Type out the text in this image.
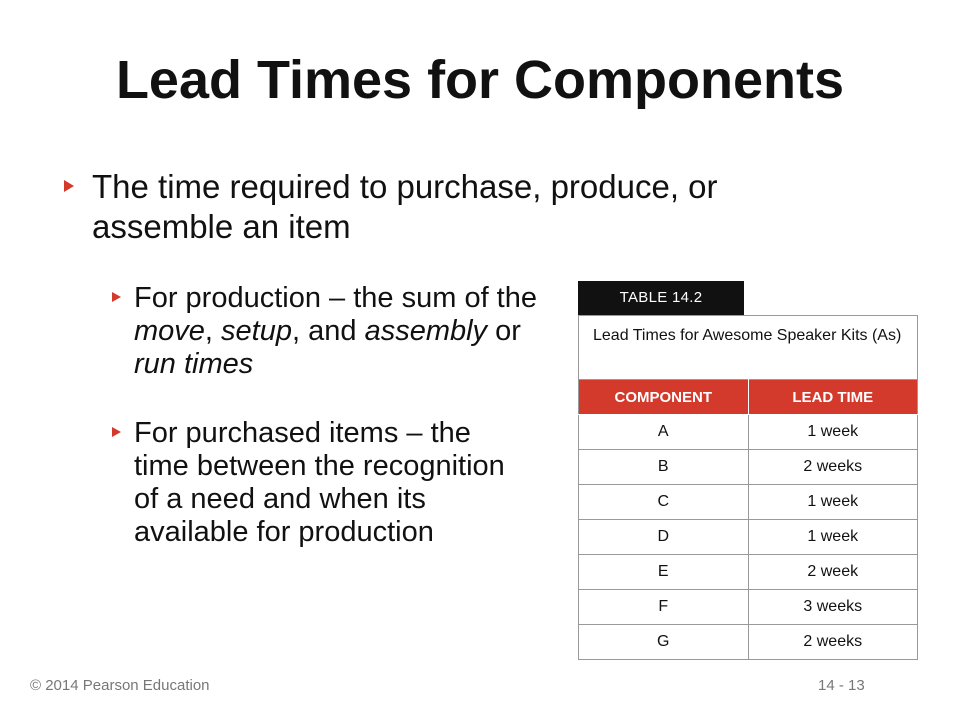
Lead Times for Components
The time required to purchase, produce, or assemble an item
For production – the sum of the move, setup, and assembly or run times
For purchased items – the time between the recognition of a need and when its available for production
TABLE 14.2
Lead Times for Awesome Speaker Kits (As)
COMPONENT	LEAD TIME
A	1 week
B	2 weeks
C	1 week
D	1 week
E	2 week
F	3 weeks
G	2 weeks
© 2014 Pearson Education	14 - 13
